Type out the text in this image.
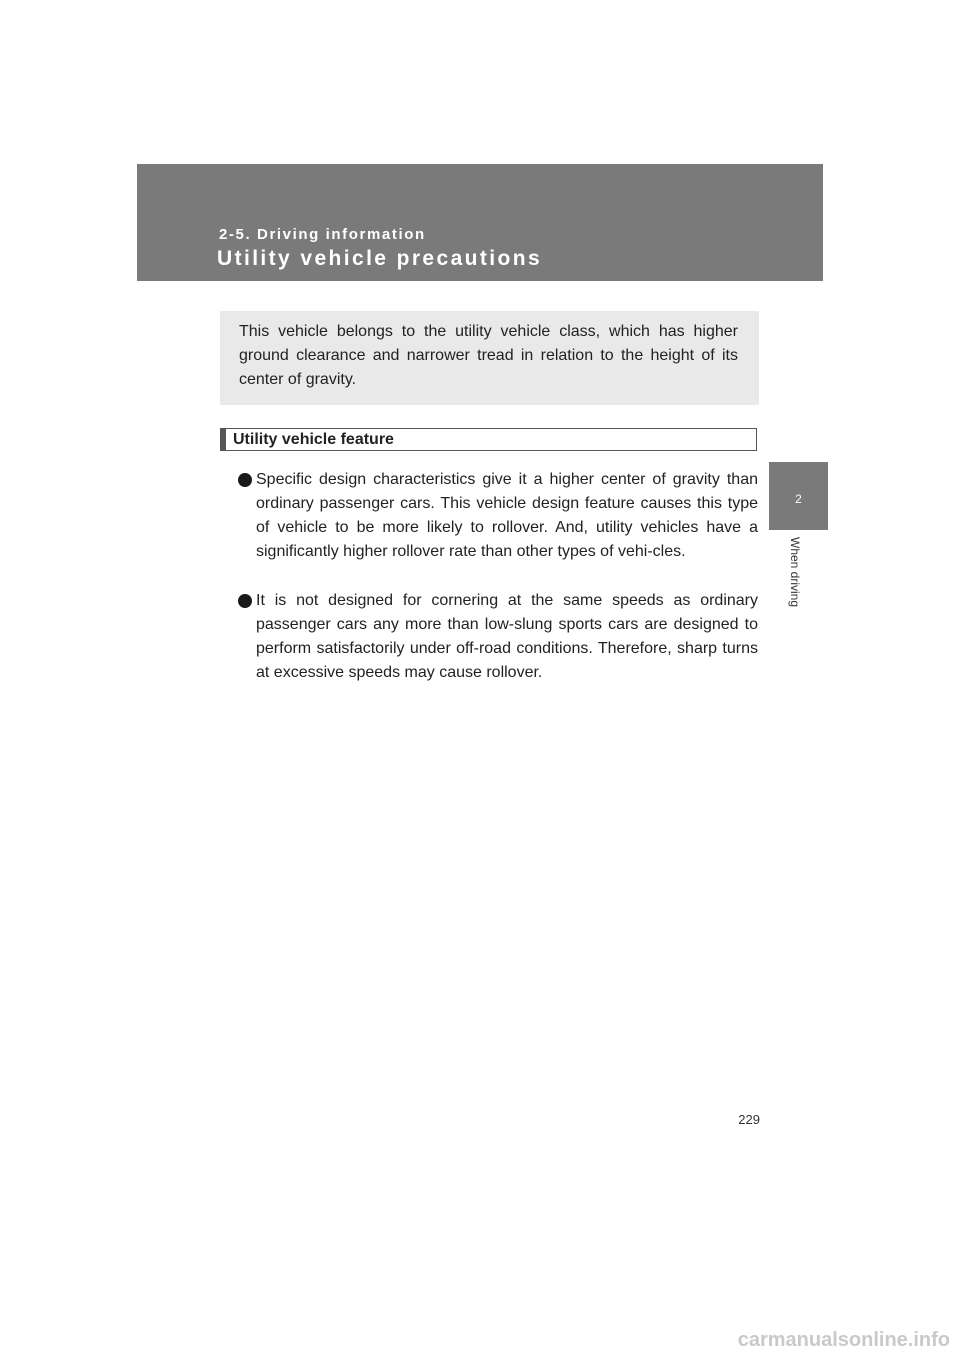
2-5. Driving information
Utility vehicle precautions
This vehicle belongs to the utility vehicle class, which has higher ground clearance and narrower tread in relation to the height of its center of gravity.
Utility vehicle feature
Specific design characteristics give it a higher center of gravity than ordinary passenger cars. This vehicle design feature causes this type of vehicle to be more likely to rollover. And, utility vehicles have a significantly higher rollover rate than other types of vehi-cles.
It is not designed for cornering at the same speeds as ordinary passenger cars any more than low-slung sports cars are designed to perform satisfactorily under off-road conditions. Therefore, sharp turns at excessive speeds may cause rollover.
2
When driving
229
carmanualsonline.info
